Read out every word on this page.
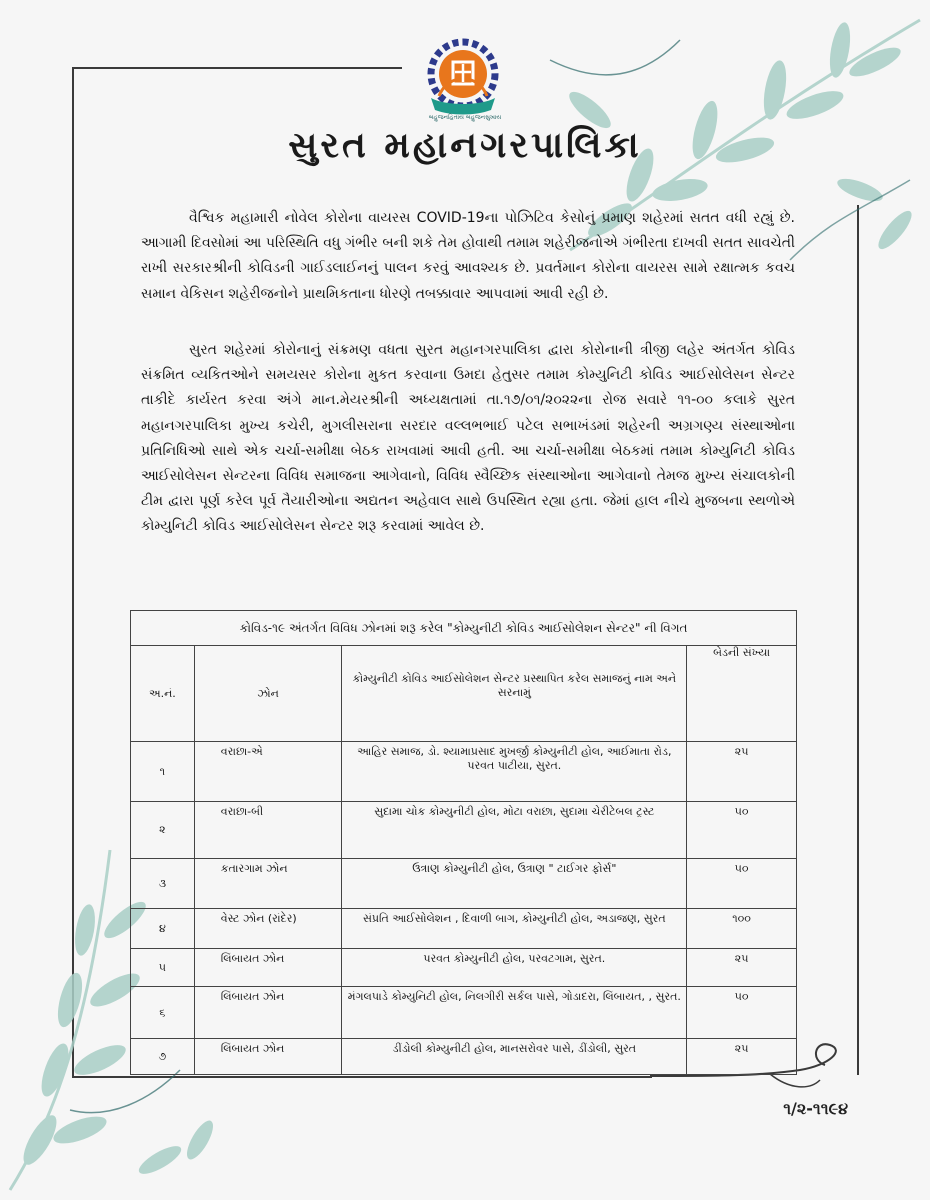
બહુજનહિતાય બહુજનસુખાય
સુરત મહાનગરપાલિકા

વૈશ્વિક મહામારી નોવેલ કોરોના વાયરસ COVID-19ના પોઝિટિવ કેસોનું પ્રમાણ શહેરમાં સતત વધી રહ્યું છે. આગામી દિવસોમાં આ પરિસ્થિતિ વધુ ગંભીર બની શકે તેમ હોવાથી તમામ શહેરીજનોએ ગંભીરતા દાખવી સતત સાવચેતી રાખી સરકારશ્રીની કોવિડની ગાઈડલાઈનનું પાલન કરવું આવશ્યક છે. પ્રવર્તમાન કોરોના વાયરસ સામે રક્ષાત્મક કવચ સમાન વેકિસન શહેરીજનોને પ્રાથમિકતાના ધોરણે તબક્કાવાર આપવામાં આવી રહી છે.

સુરત શહેરમાં કોરોનાનું સંક્રમણ વધતા સુરત મહાનગરપાલિકા દ્વારા કોરોનાની ત્રીજી લહેર અંતર્ગત કોવિડ સંક્રમિત વ્યકિતઓને સમયસર કોરોના મુકત કરવાના ઉમદા હેતુસર તમામ કોમ્યુનિટી કોવિડ આઈસોલેસન સેન્ટર તાકીદે કાર્યરત કરવા અંગે માન.મેયરશ્રીની અધ્યક્ષતામાં તા.૧૭/૦૧/૨૦૨૨ના રોજ સવારે ૧૧-૦૦ કલાકે સુરત મહાનગરપાલિકા મુખ્ય કચેરી, મુગલીસરાના સરદાર વલ્લભભાઈ પટેલ સભાખંડમાં શહેરની અગ્રગણ્ય સંસ્થાઓના પ્રતિનિધિઓ સાથે એક ચર્ચા-સમીક્ષા બેઠક રાખવામાં આવી હતી. આ ચર્ચા-સમીક્ષા બેઠકમાં તમામ કોમ્યુનિટી કોવિડ આઈસોલેસન સેન્ટરના વિવિધ સમાજના આગેવાનો, વિવિધ સ્વૈચ્છિક સંસ્થાઓના આગેવાનો તેમજ મુખ્ય સંચાલકોની ટીમ દ્વારા પૂર્ણ કરેલ પૂર્વ તૈયારીઓના અદ્યતન અહેવાલ સાથે ઉપસ્થિત રહ્યા હતા. જેમાં હાલ નીચે મુજબના સ્થળોએ કોમ્યુનિટી કોવિડ આઈસોલેસન સેન્ટર શરૂ કરવામાં આવેલ છે.

કોવિડ-૧૯ અંતર્ગત વિવિધ ઝોનમાં શરૂ કરેલ "કોમ્યુનીટી કોવિડ આઈસોલેશન સેન્ટર" ની વિગત			
અ.નં.	ઝોન	કોમ્યુનીટી કોવિડ આઈસોલેશન સેન્ટર પ્રસ્થાપિત કરેલ સમાજનું નામ અને સરનામું	બેડની સંખ્યા
૧	વરાછા-એ	આહિર સમાજ, ડો. શ્યામાપ્રસાદ મુખર્જી કોમ્યુનીટી હોલ, આઈમાતા રોડ, પરવત પાટીયા, સુરત.	૨૫
૨	વરાછા-બી	સુદામા ચોક કોમ્યુનીટી હોલ, મોટા વરાછા, સુદામા ચેરીટેબલ ટ્રસ્ટ	૫૦
૩	કતારગામ ઝોન	ઉત્રાણ કોમ્યુનીટી હોલ, ઉત્રાણ " ટાઈગર ફોર્સ"	૫૦
૪	વેસ્ટ ઝોન (રાંદેર)	સંપ્રતિ આઈસોલેશન , દિવાળી બાગ, કોમ્યુનીટી હોલ, અડાજણ, સુરત	૧૦૦
૫	લિંબાયત ઝોન	પરવત કોમ્યુનીટી હોલ, પરવટગામ, સુરત.	૨૫
૬	લિંબાયત ઝોન	મંગલપાડે કોમ્યુનિટી હોલ, નિલગીરી સર્કલ પાસે, ગોડાદરા, લિંબાયત, , સુરત.	૫૦
૭	લિંબાયત ઝોન	ડીંડોલી કોમ્યુનીટી હોલ, માનસરોવર પાસે, ડીંડોલી, સુરત	૨૫
૧/૨-૧૧૯૪
